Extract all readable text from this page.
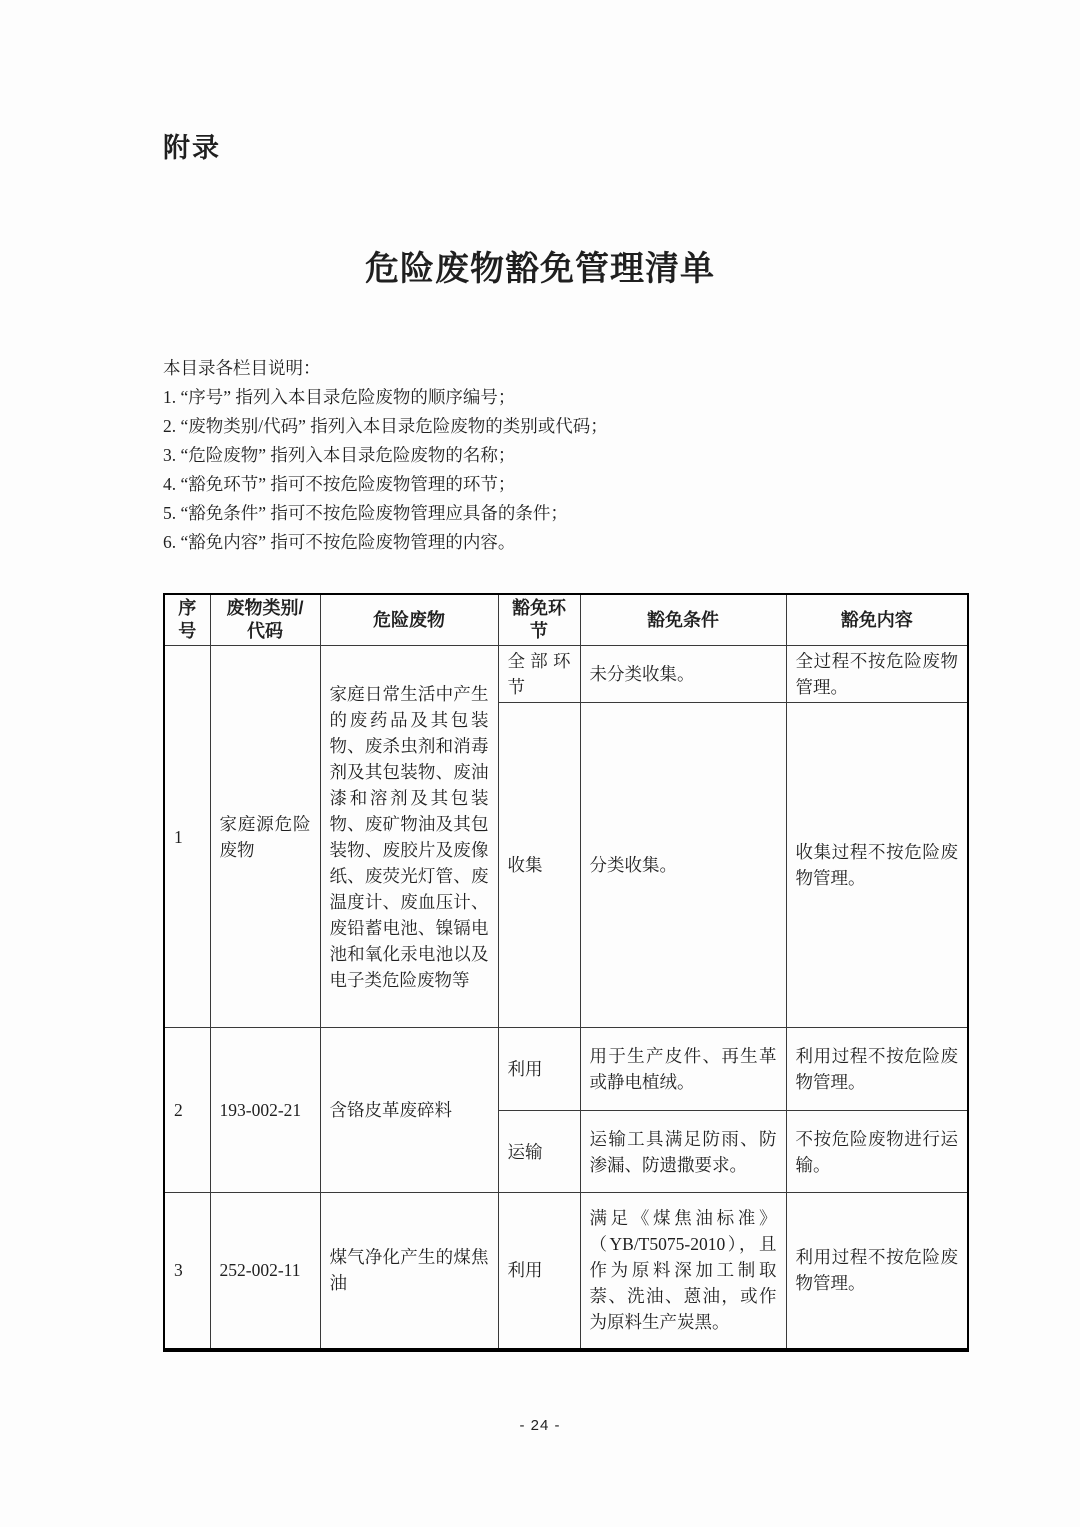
附录
危险废物豁免管理清单
本目录各栏目说明：
1. “序号” 指列入本目录危险废物的顺序编号；
2. “废物类别/代码” 指列入本目录危险废物的类别或代码；
3. “危险废物” 指列入本目录危险废物的名称；
4. “豁免环节” 指可不按危险废物管理的环节；
5. “豁免条件” 指可不按危险废物管理应具备的条件；
6. “豁免内容” 指可不按危险废物管理的内容。
序号	废物类别/代码	危险废物	豁免环节	豁免条件	豁免内容
1	家庭源危险废物	家庭日常生活中产生的废药品及其包装物、废杀虫剂和消毒剂及其包装物、废油漆和溶剂及其包装物、废矿物油及其包装物、废胶片及废像纸、废荧光灯管、废温度计、废血压计、废铅蓄电池、镍镉电池和氧化汞电池以及电子类危险废物等	全部环节	未分类收集。	全过程不按危险废物管理。
			收集	分类收集。	收集过程不按危险废物管理。
2	193-002-21	含铬皮革废碎料	利用	用于生产皮件、再生革或静电植绒。	利用过程不按危险废物管理。
			运输	运输工具满足防雨、防渗漏、防遗撒要求。	不按危险废物进行运输。
3	252-002-11	煤气净化产生的煤焦油	利用	满足《煤焦油标准》（YB/T5075-2010），且作为原料深加工制取萘、洗油、蒽油，或作为原料生产炭黑。	利用过程不按危险废物管理。
- 24 -
